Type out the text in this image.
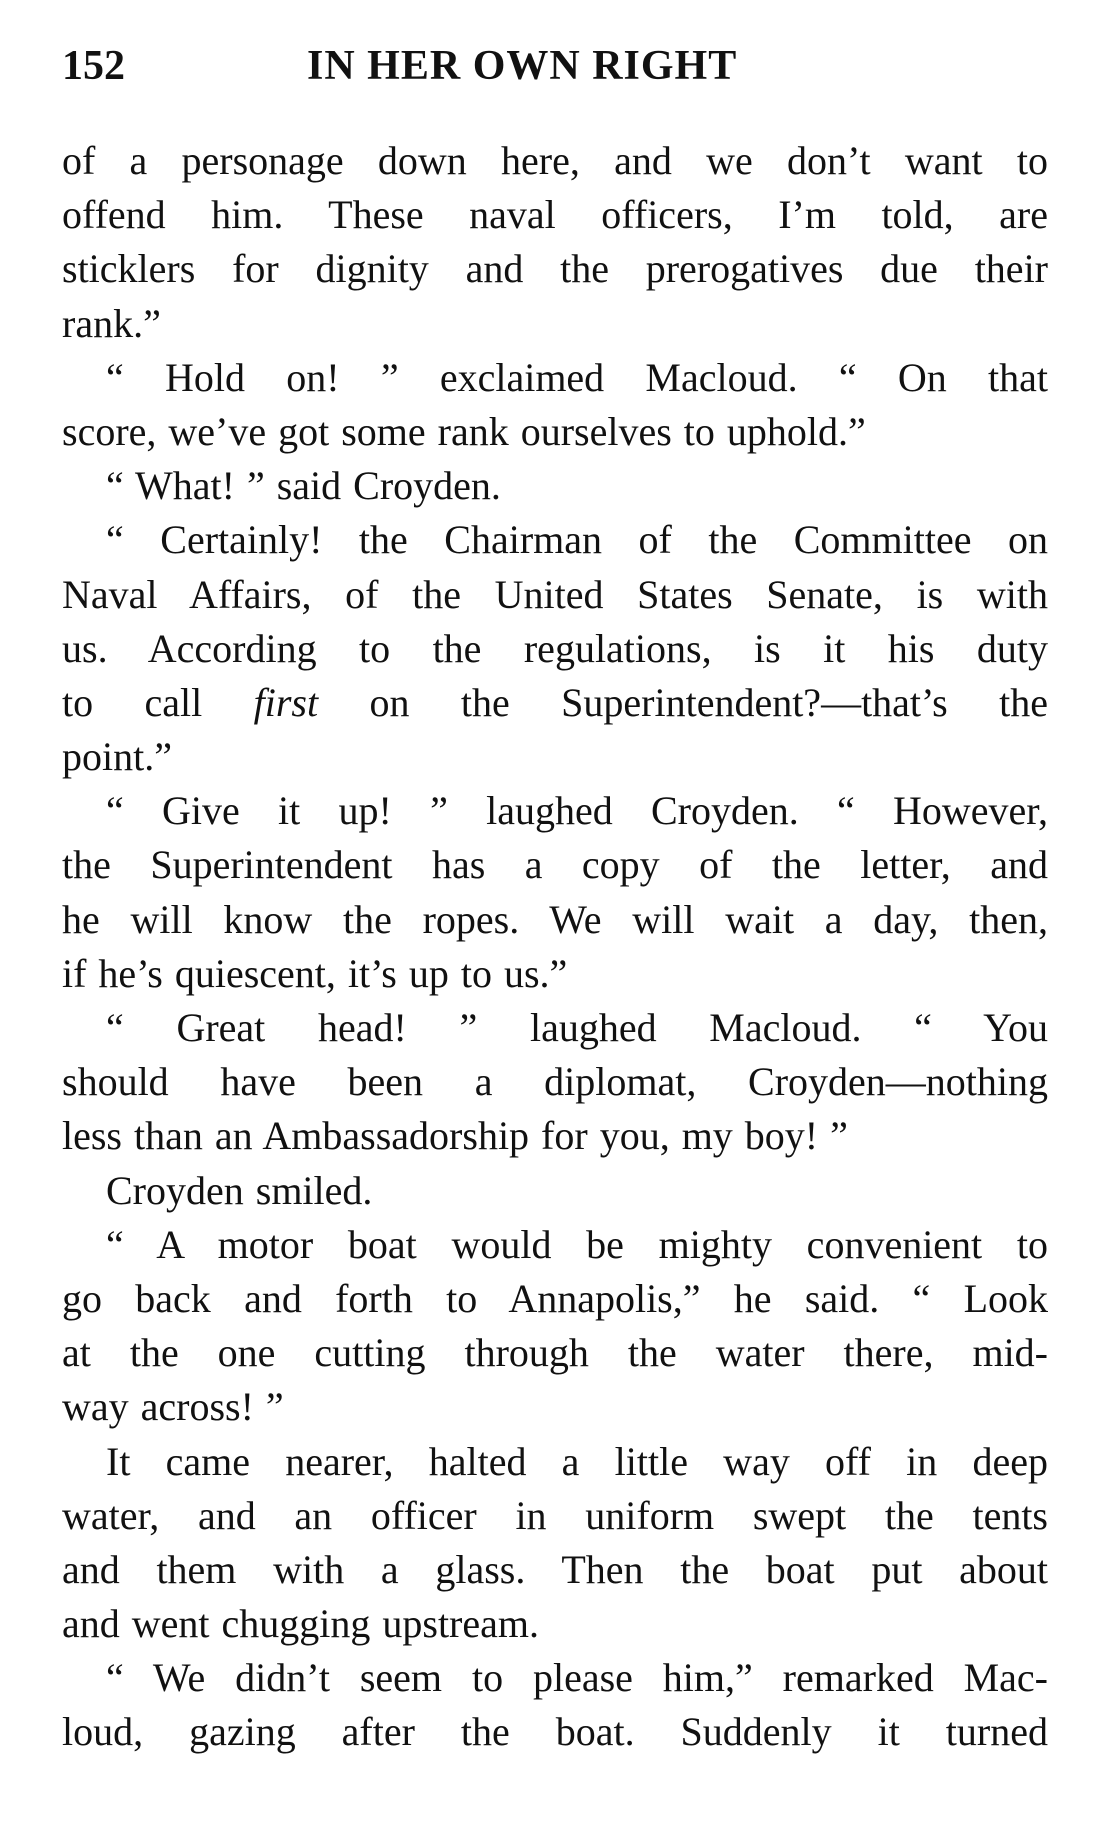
152	IN HER OWN RIGHT
of a personage down here, and we don’t want to
offend him. These naval officers, I’m told, are
sticklers for dignity and the prerogatives due their
rank.”
“ Hold on! ” exclaimed Macloud. “ On that
score, we’ve got some rank ourselves to uphold.”
“ What! ” said Croyden.
“ Certainly! the Chairman of the Committee on
Naval Affairs, of the United States Senate, is with
us. According to the regulations, is it his duty
to call first on the Superintendent?—that’s the
point.”
“ Give it up! ” laughed Croyden. “ However,
the Superintendent has a copy of the letter, and
he will know the ropes. We will wait a day, then,
if he’s quiescent, it’s up to us.”
“ Great head! ” laughed Macloud. “ You
should have been a diplomat, Croyden—nothing
less than an Ambassadorship for you, my boy! ”
Croyden smiled.
“ A motor boat would be mighty convenient to
go back and forth to Annapolis,” he said. “ Look
at the one cutting through the water there, mid-
way across! ”
It came nearer, halted a little way off in deep
water, and an officer in uniform swept the tents
and them with a glass. Then the boat put about
and went chugging upstream.
“ We didn’t seem to please him,” remarked Mac-
loud, gazing after the boat. Suddenly it turned
